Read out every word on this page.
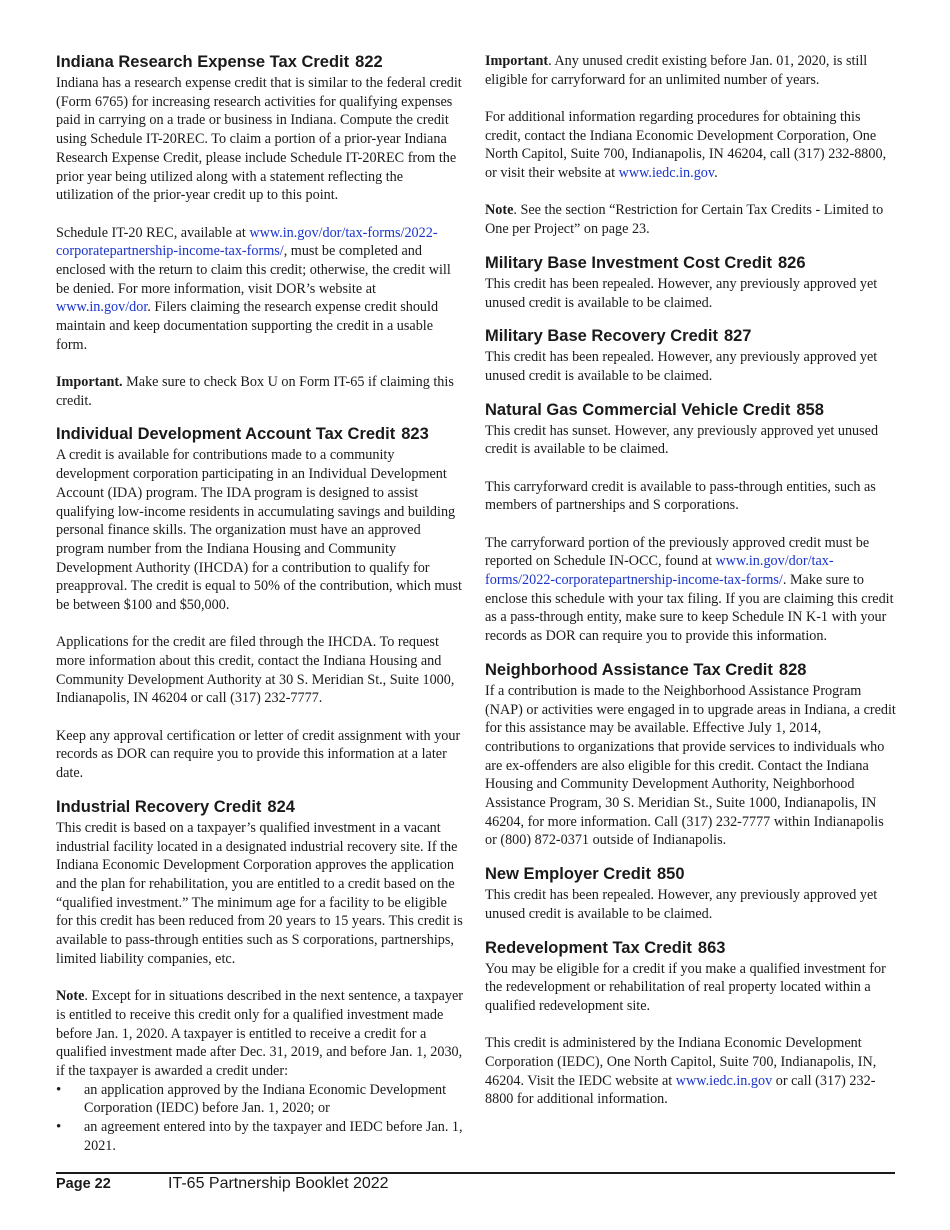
Indiana Research Expense Tax Credit 822

Indiana has a research expense credit that is similar to the federal credit (Form 6765) for increasing research activities for qualifying expenses paid in carrying on a trade or business in Indiana. Compute the credit using Schedule IT-20REC. To claim a portion of a prior-year Indiana Research Expense Credit, please include Schedule IT-20REC from the prior year being utilized along with a statement reflecting the utilization of the prior-year credit up to this point.

Schedule IT-20 REC, available at www.in.gov/dor/tax-forms/2022-corporatepartnership-income-tax-forms/, must be completed and enclosed with the return to claim this credit; otherwise, the credit will be denied. For more information, visit DOR’s website at www.in.gov/dor. Filers claiming the research expense credit should maintain and keep documentation supporting the credit in a usable form.

Important. Make sure to check Box U on Form IT-65 if claiming this credit.

Individual Development Account Tax Credit 823

A credit is available for contributions made to a community development corporation participating in an Individual Development Account (IDA) program. The IDA program is designed to assist qualifying low-income residents in accumulating savings and building personal finance skills. The organization must have an approved program number from the Indiana Housing and Community Development Authority (IHCDA) for a contribution to qualify for preapproval. The credit is equal to 50% of the contribution, which must be between $100 and $50,000.

Applications for the credit are filed through the IHCDA. To request more information about this credit, contact the Indiana Housing and Community Development Authority at 30 S. Meridian St., Suite 1000, Indianapolis, IN 46204 or call (317) 232-7777.

Keep any approval certification or letter of credit assignment with your records as DOR can require you to provide this information at a later date.

Industrial Recovery Credit 824

This credit is based on a taxpayer’s qualified investment in a vacant industrial facility located in a designated industrial recovery site. If the Indiana Economic Development Corporation approves the application and the plan for rehabilitation, you are entitled to a credit based on the “qualified investment.” The minimum age for a facility to be eligible for this credit has been reduced from 20 years to 15 years. This credit is available to pass-through entities such as S corporations, partnerships, limited liability companies, etc.

Note. Except for in situations described in the next sentence, a taxpayer is entitled to receive this credit only for a qualified investment made before Jan. 1, 2020. A taxpayer is entitled to receive a credit for a qualified investment made after Dec. 31, 2019, and before Jan. 1, 2030, if the taxpayer is awarded a credit under:

• an application approved by the Indiana Economic Development Corporation (IEDC) before Jan. 1, 2020; or
• an agreement entered into by the taxpayer and IEDC before Jan. 1, 2021.

Important. Any unused credit existing before Jan. 01, 2020, is still eligible for carryforward for an unlimited number of years.

For additional information regarding procedures for obtaining this credit, contact the Indiana Economic Development Corporation, One North Capitol, Suite 700, Indianapolis, IN 46204, call (317) 232-8800, or visit their website at www.iedc.in.gov.

Note. See the section “Restriction for Certain Tax Credits - Limited to One per Project” on page 23.

Military Base Investment Cost Credit 826

This credit has been repealed. However, any previously approved yet unused credit is available to be claimed.

Military Base Recovery Credit 827

This credit has been repealed. However, any previously approved yet unused credit is available to be claimed.

Natural Gas Commercial Vehicle Credit 858

This credit has sunset. However, any previously approved yet unused credit is available to be claimed.

This carryforward credit is available to pass-through entities, such as members of partnerships and S corporations.

The carryforward portion of the previously approved credit must be reported on Schedule IN-OCC, found at www.in.gov/dor/tax-forms/2022-corporatepartnership-income-tax-forms/. Make sure to enclose this schedule with your tax filing. If you are claiming this credit as a pass-through entity, make sure to keep Schedule IN K-1 with your records as DOR can require you to provide this information.

Neighborhood Assistance Tax Credit 828

If a contribution is made to the Neighborhood Assistance Program (NAP) or activities were engaged in to upgrade areas in Indiana, a credit for this assistance may be available. Effective July 1, 2014, contributions to organizations that provide services to individuals who are ex-offenders are also eligible for this credit. Contact the Indiana Housing and Community Development Authority, Neighborhood Assistance Program, 30 S. Meridian St., Suite 1000, Indianapolis, IN 46204, for more information. Call (317) 232-7777 within Indianapolis or (800) 872-0371 outside of Indianapolis.

New Employer Credit 850

This credit has been repealed. However, any previously approved yet unused credit is available to be claimed.

Redevelopment Tax Credit 863

You may be eligible for a credit if you make a qualified investment for the redevelopment or rehabilitation of real property located within a qualified redevelopment site.

This credit is administered by the Indiana Economic Development Corporation (IEDC), One North Capitol, Suite 700, Indianapolis, IN, 46204. Visit the IEDC website at www.iedc.in.gov or call (317) 232-8800 for additional information.

Page 22	IT-65 Partnership Booklet 2022
